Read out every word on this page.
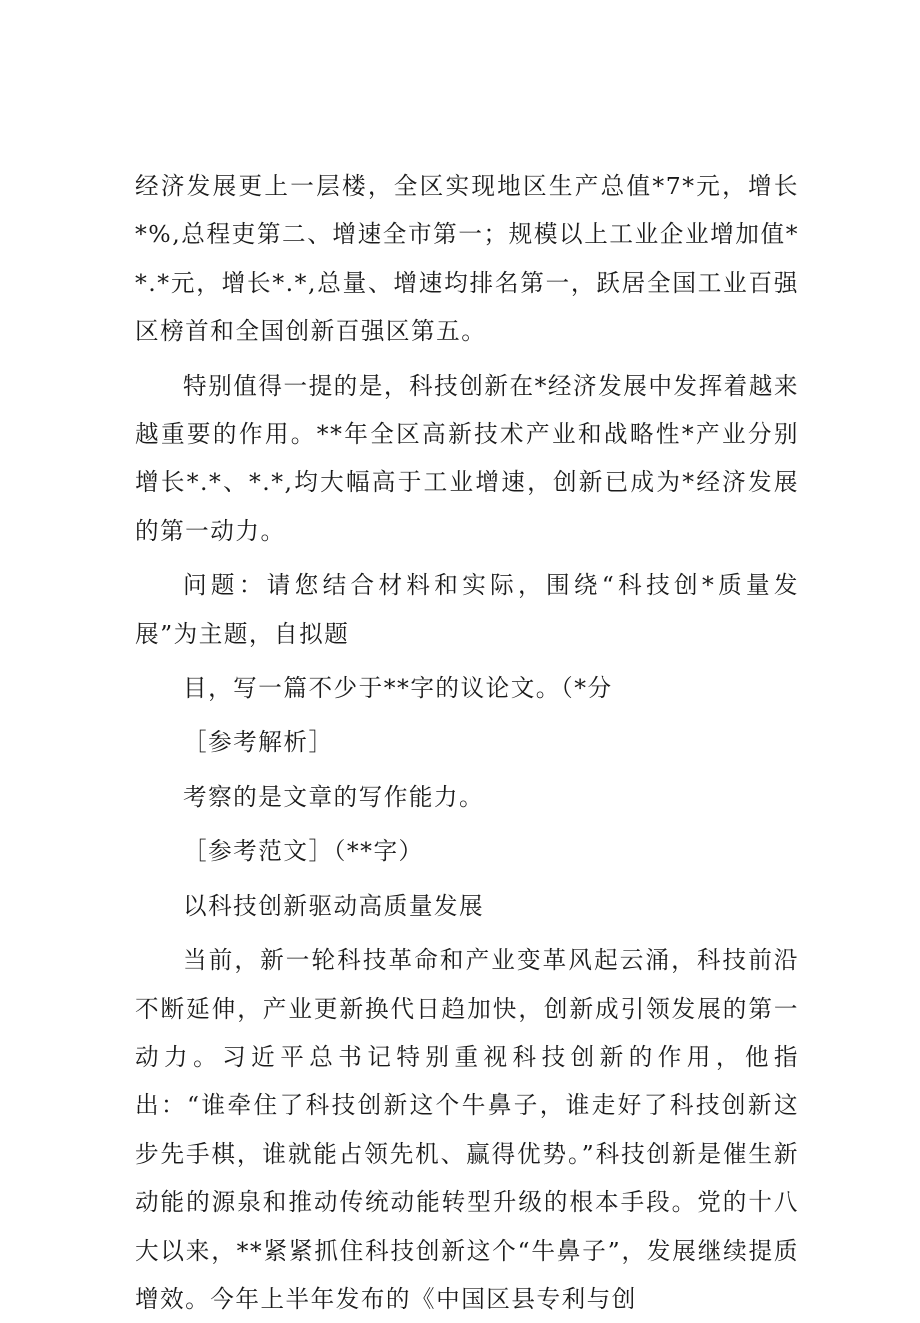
经济发展更上一层楼，全区实现地区生产总值*7*元，增长*%,总程吏第二、增速全市第一；规模以上工业企业增加值**.*元，增长*.*,总量、增速均排名第一，跃居全国工业百强区榜首和全国创新百强区第五。

特别值得一提的是，科技创新在*经济发展中发挥着越来越重要的作用。**年全区高新技术产业和战略性*产业分别增长*.*、*.*,均大幅高于工业增速，创新已成为*经济发展的第一动力。

问题：请您结合材料和实际，围绕“科技创*质量发展”为主题，自拟题

目，写一篇不少于**字的议论文。（*分

［参考解析］

考察的是文章的写作能力。

［参考范文］（**字）

以科技创新驱动高质量发展

当前，新一轮科技革命和产业变革风起云涌，科技前沿不断延伸，产业更新换代日趋加快，创新成引领发展的第一动力。习近平总书记特别重视科技创新的作用，他指出：“谁牵住了科技创新这个牛鼻子，谁走好了科技创新这步先手棋，谁就能占领先机、赢得优势。”科技创新是催生新动能的源泉和推动传统动能转型升级的根本手段。党的十八大以来，**紧紧抓住科技创新这个“牛鼻子”，发展继续提质增效。今年上半年发布的《中国区县专利与创
